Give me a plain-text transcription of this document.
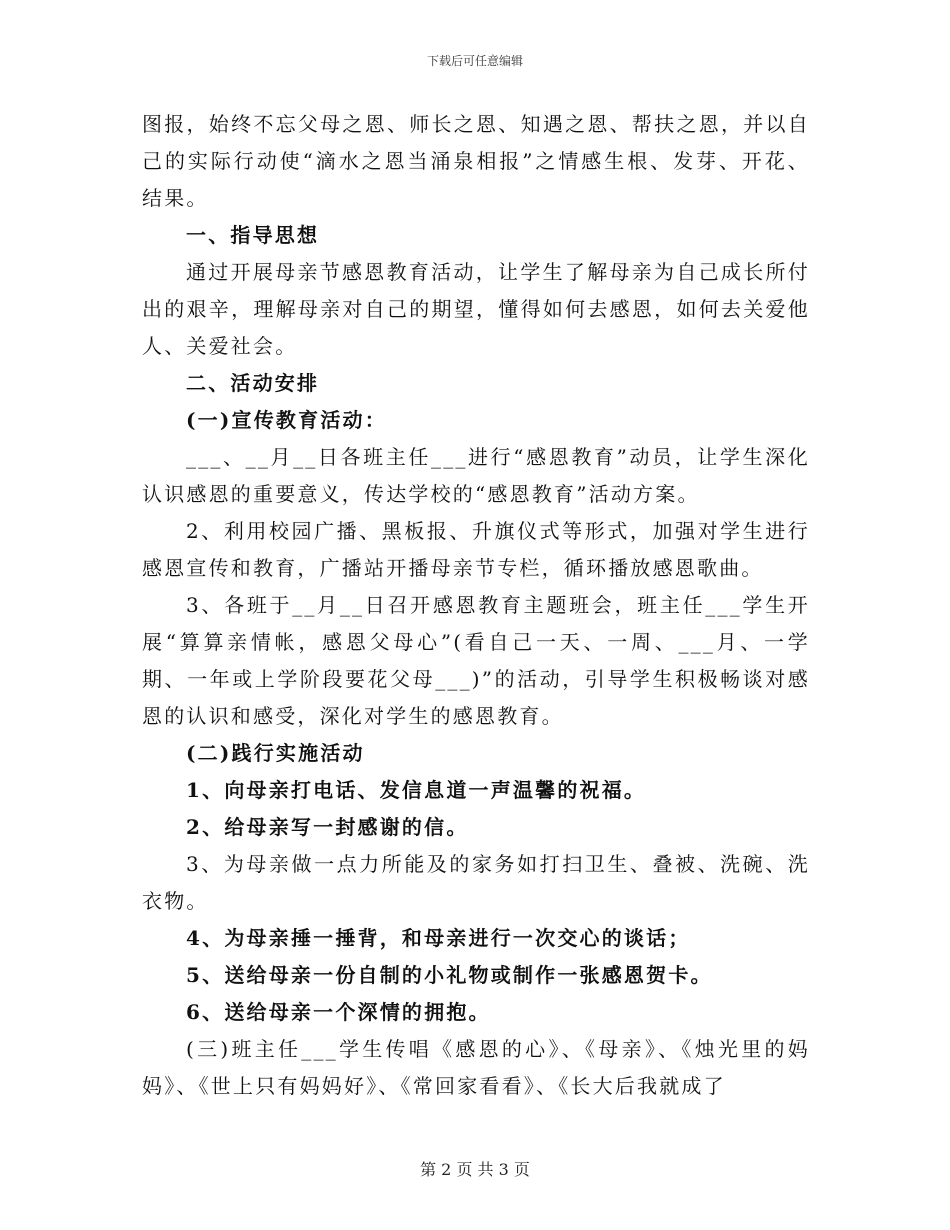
下载后可任意编辑

图报，始终不忘父母之恩、师长之恩、知遇之恩、帮扶之恩，并以自己的实际行动使“滴水之恩当涌泉相报”之情感生根、发芽、开花、结果。

一、指导思想

通过开展母亲节感恩教育活动，让学生了解母亲为自己成长所付出的艰辛，理解母亲对自己的期望，懂得如何去感恩，如何去关爱他人、关爱社会。

二、活动安排

(一)宣传教育活动：

___、__月__日各班主任___进行“感恩教育”动员，让学生深化认识感恩的重要意义，传达学校的“感恩教育”活动方案。

2、利用校园广播、黑板报、升旗仪式等形式，加强对学生进行感恩宣传和教育，广播站开播母亲节专栏，循环播放感恩歌曲。

3、各班于__月__日召开感恩教育主题班会，班主任___学生开展“算算亲情帐，感恩父母心”(看自己一天、一周、___月、一学期、一年或上学阶段要花父母___)”的活动，引导学生积极畅谈对感恩的认识和感受，深化对学生的感恩教育。

(二)践行实施活动

1、向母亲打电话、发信息道一声温馨的祝福。

2、给母亲写一封感谢的信。

3、为母亲做一点力所能及的家务如打扫卫生、叠被、洗碗、洗衣物。

4、为母亲捶一捶背，和母亲进行一次交心的谈话；

5、送给母亲一份自制的小礼物或制作一张感恩贺卡。

6、送给母亲一个深情的拥抱。

(三)班主任___学生传唱《感恩的心》、《母亲》、《烛光里的妈妈》、《世上只有妈妈好》、《常回家看看》、《长大后我就成了

第 2 页 共 3 页
